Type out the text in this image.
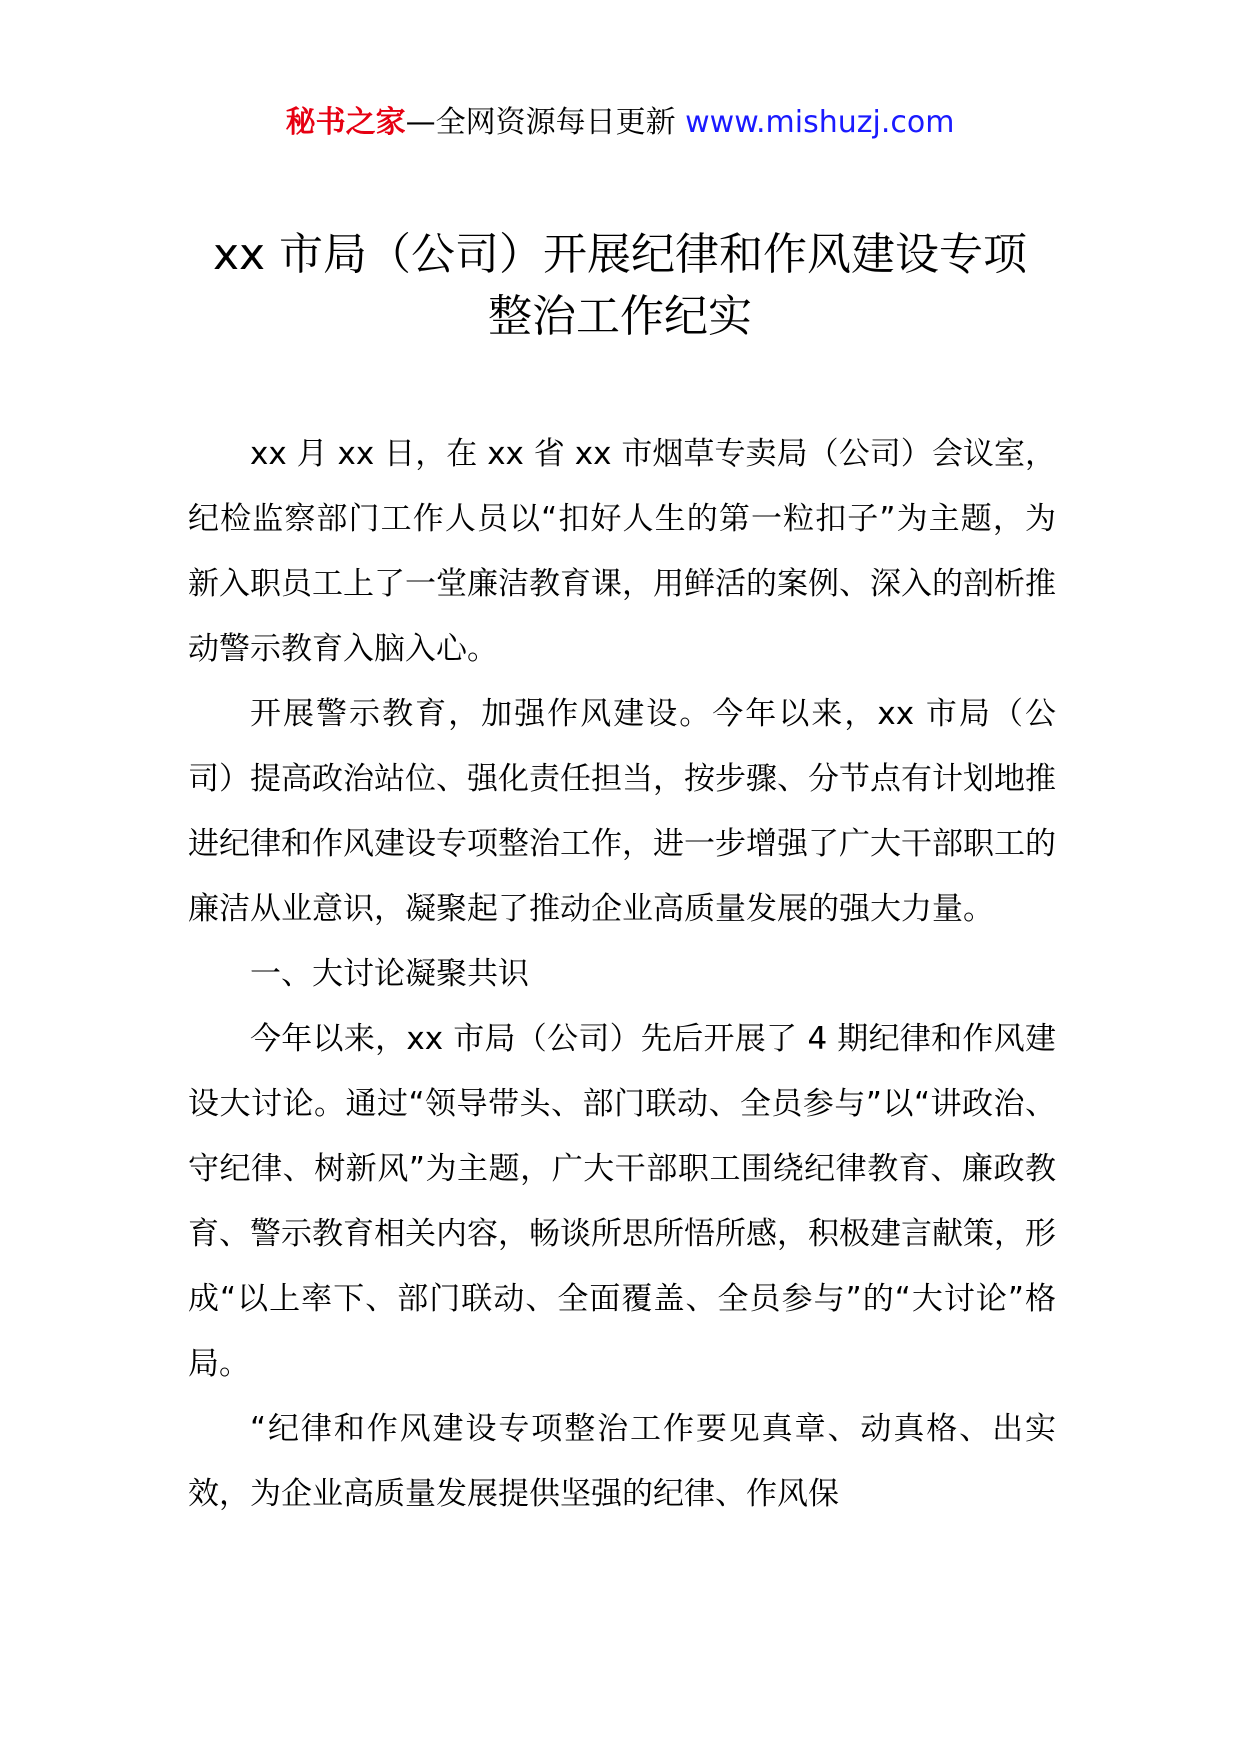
秘书之家—全网资源每日更新 www.mishuzj.com
xx 市局（公司）开展纪律和作风建设专项
整治工作纪实

xx 月 xx 日，在 xx 省 xx 市烟草专卖局（公司）会议室，纪检监察部门工作人员以“扣好人生的第一粒扣子”为主题，为新入职员工上了一堂廉洁教育课，用鲜活的案例、深入的剖析推动警示教育入脑入心。

开展警示教育，加强作风建设。今年以来，xx 市局（公司）提高政治站位、强化责任担当，按步骤、分节点有计划地推进纪律和作风建设专项整治工作，进一步增强了广大干部职工的廉洁从业意识，凝聚起了推动企业高质量发展的强大力量。

一、大讨论凝聚共识

今年以来，xx 市局（公司）先后开展了 4 期纪律和作风建设大讨论。通过“领导带头、部门联动、全员参与”以“讲政治、守纪律、树新风”为主题，广大干部职工围绕纪律教育、廉政教育、警示教育相关内容，畅谈所思所悟所感，积极建言献策，形成“以上率下、部门联动、全面覆盖、全员参与”的“大讨论”格局。

“纪律和作风建设专项整治工作要见真章、动真格、出实效，为企业高质量发展提供坚强的纪律、作风保
